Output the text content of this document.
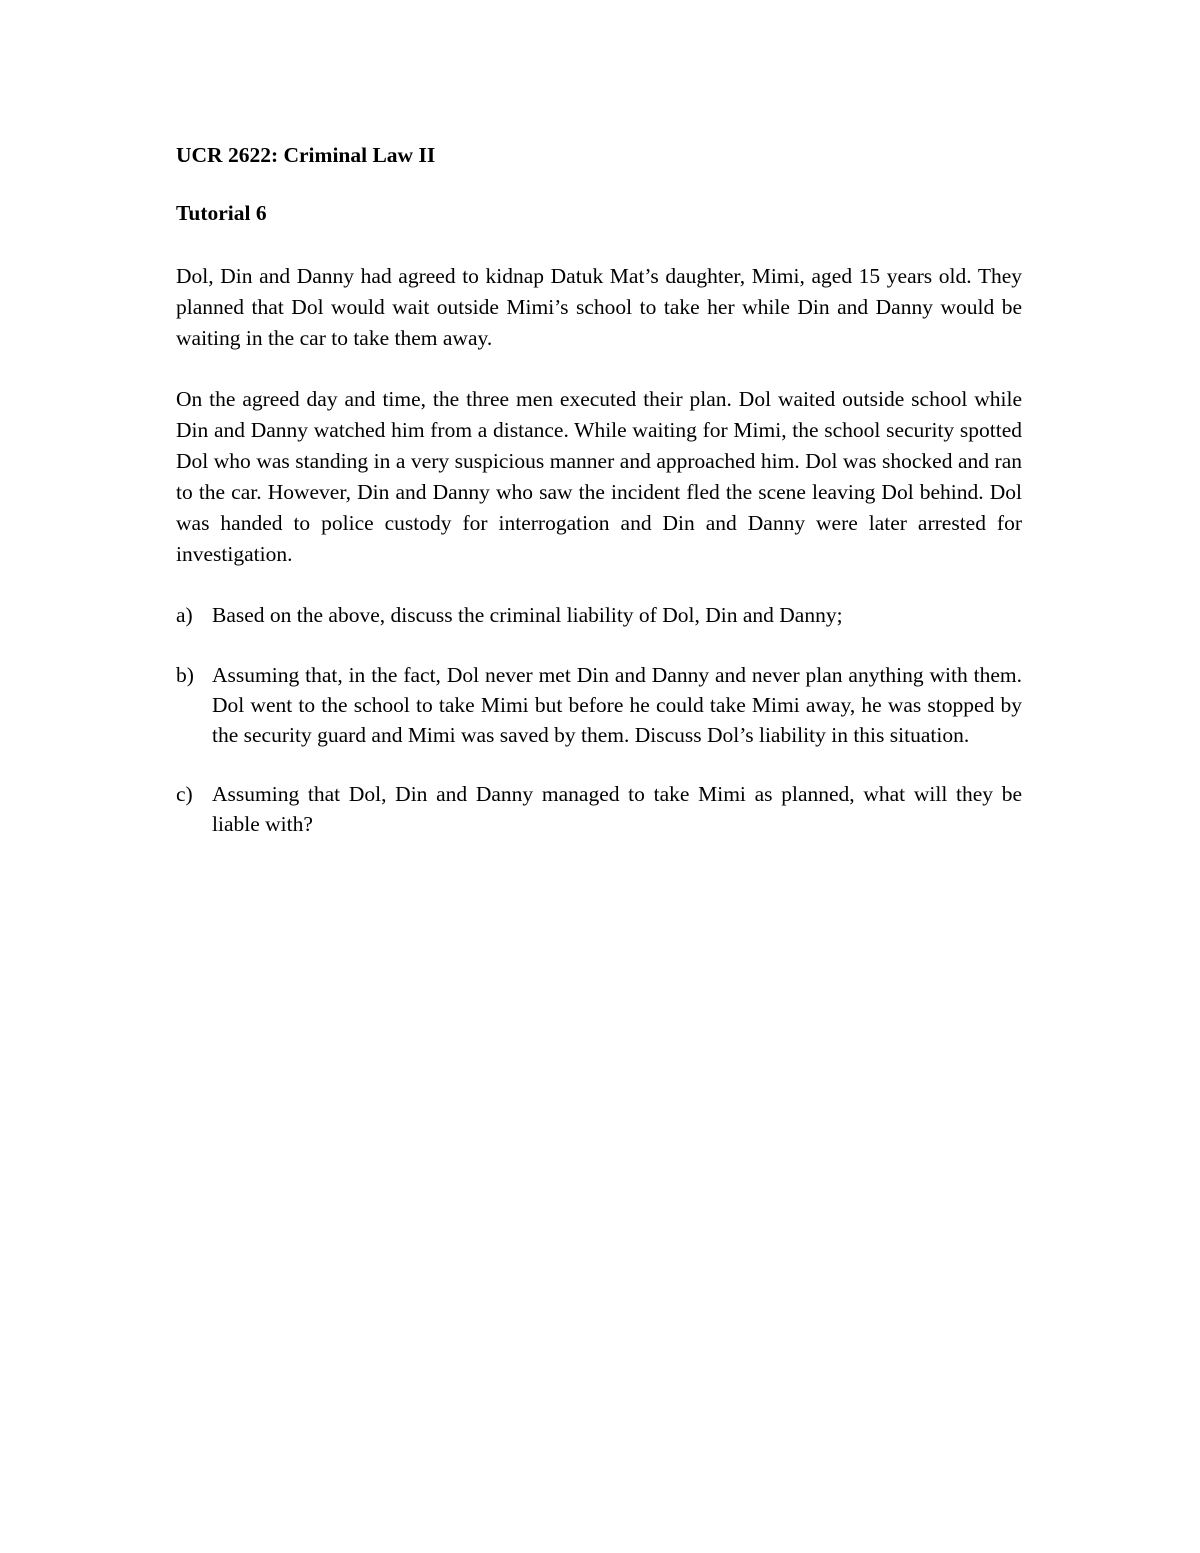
UCR 2622: Criminal Law II

Tutorial 6

Dol, Din and Danny had agreed to kidnap Datuk Mat’s daughter, Mimi, aged 15 years old. They planned that Dol would wait outside Mimi’s school to take her while Din and Danny would be waiting in the car to take them away.

On the agreed day and time, the three men executed their plan. Dol waited outside school while Din and Danny watched him from a distance. While waiting for Mimi, the school security spotted Dol who was standing in a very suspicious manner and approached him. Dol was shocked and ran to the car. However, Din and Danny who saw the incident fled the scene leaving Dol behind. Dol was handed to police custody for interrogation and Din and Danny were later arrested for investigation.

a) Based on the above, discuss the criminal liability of Dol, Din and Danny;
b) Assuming that, in the fact, Dol never met Din and Danny and never plan anything with them. Dol went to the school to take Mimi but before he could take Mimi away, he was stopped by the security guard and Mimi was saved by them. Discuss Dol’s liability in this situation.
c) Assuming that Dol, Din and Danny managed to take Mimi as planned, what will they be liable with?
